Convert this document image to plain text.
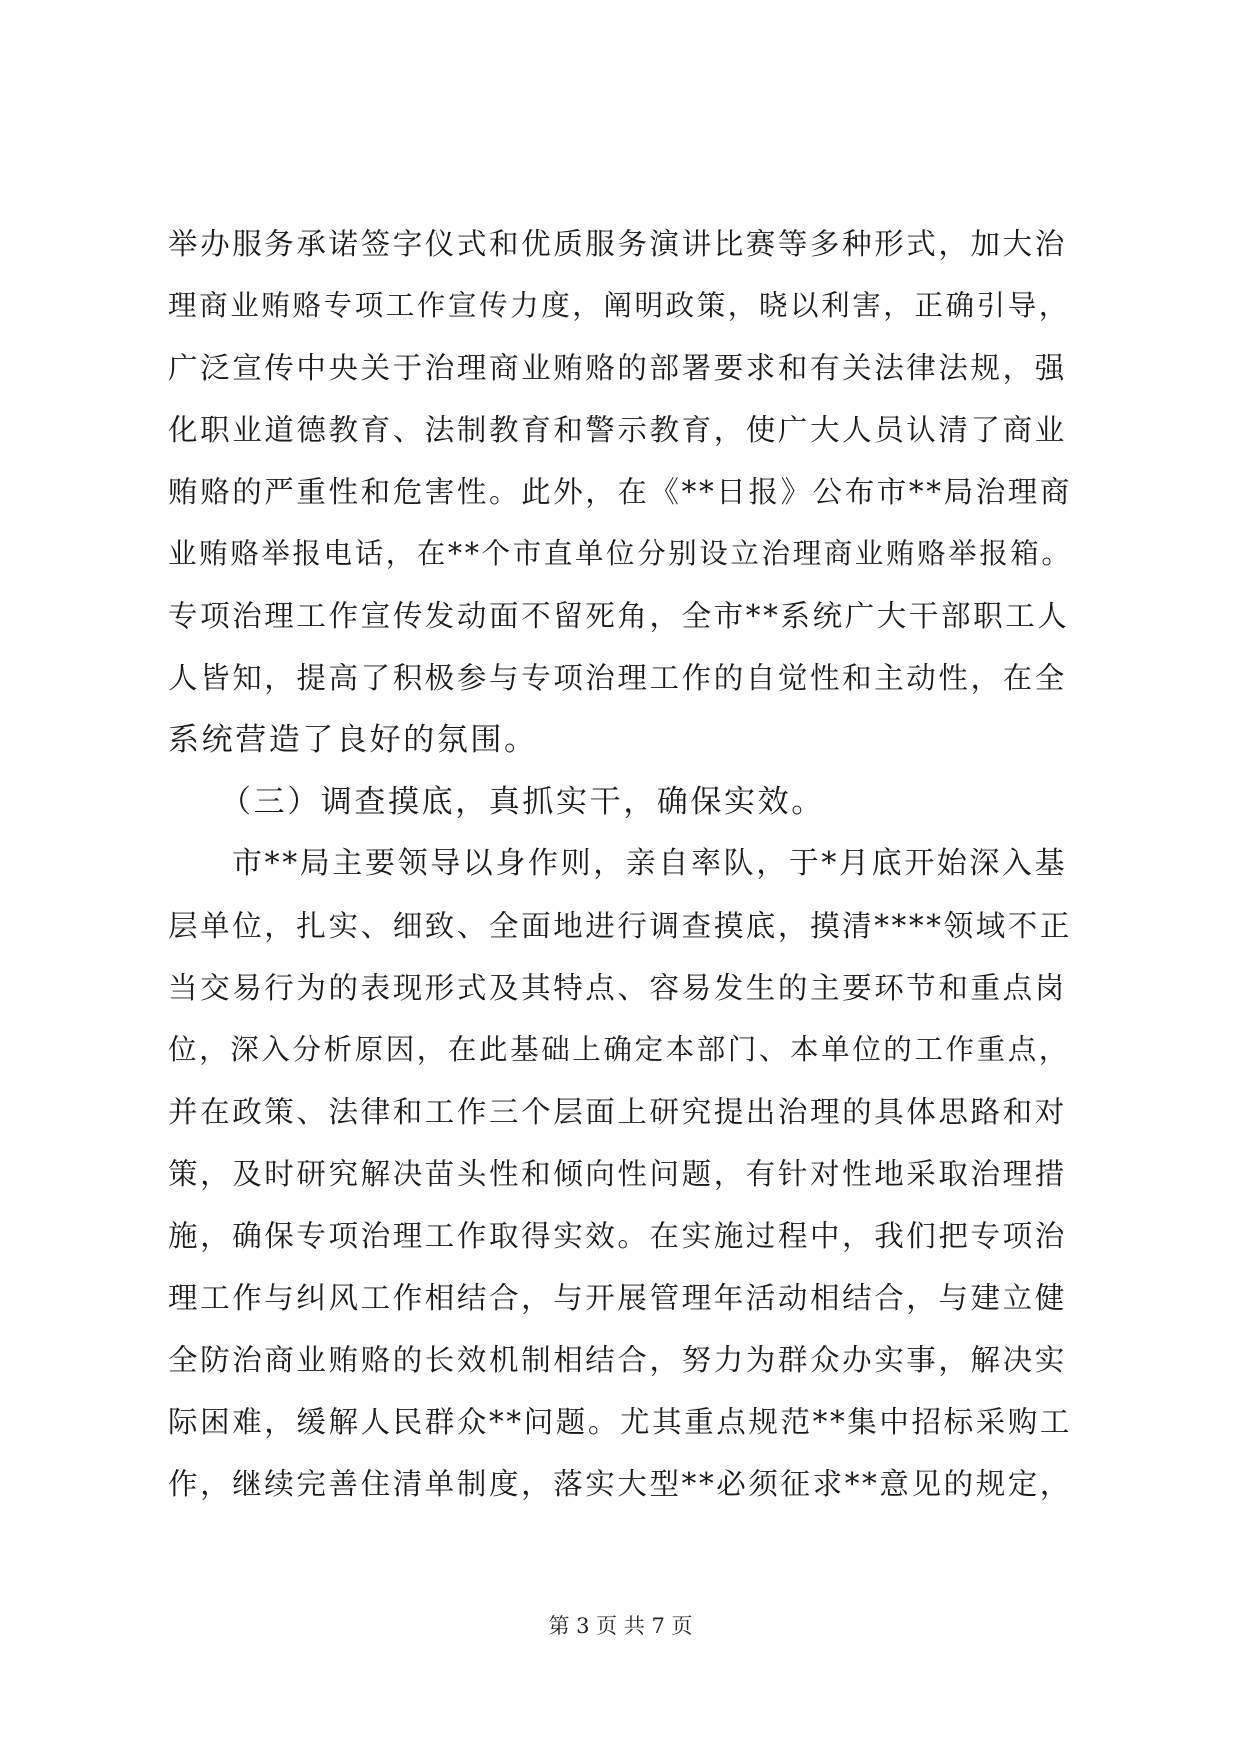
举办服务承诺签字仪式和优质服务演讲比赛等多种形式，加大治
理商业贿赂专项工作宣传力度，阐明政策，晓以利害，正确引导，
广泛宣传中央关于治理商业贿赂的部署要求和有关法律法规，强
化职业道德教育、法制教育和警示教育，使广大人员认清了商业
贿赂的严重性和危害性。此外，在《**日报》公布市**局治理商
业贿赂举报电话，在**个市直单位分别设立治理商业贿赂举报箱。
专项治理工作宣传发动面不留死角，全市**系统广大干部职工人
人皆知，提高了积极参与专项治理工作的自觉性和主动性，在全
系统营造了良好的氛围。
（三）调查摸底，真抓实干，确保实效。
市**局主要领导以身作则，亲自率队，于*月底开始深入基
层单位，扎实、细致、全面地进行调查摸底，摸清****领域不正
当交易行为的表现形式及其特点、容易发生的主要环节和重点岗
位，深入分析原因，在此基础上确定本部门、本单位的工作重点，
并在政策、法律和工作三个层面上研究提出治理的具体思路和对
策，及时研究解决苗头性和倾向性问题，有针对性地采取治理措
施，确保专项治理工作取得实效。在实施过程中，我们把专项治
理工作与纠风工作相结合，与开展管理年活动相结合，与建立健
全防治商业贿赂的长效机制相结合，努力为群众办实事，解决实
际困难，缓解人民群众**问题。尤其重点规范**集中招标采购工
作，继续完善住清单制度，落实大型**必须征求**意见的规定，
第 3 页 共 7 页
